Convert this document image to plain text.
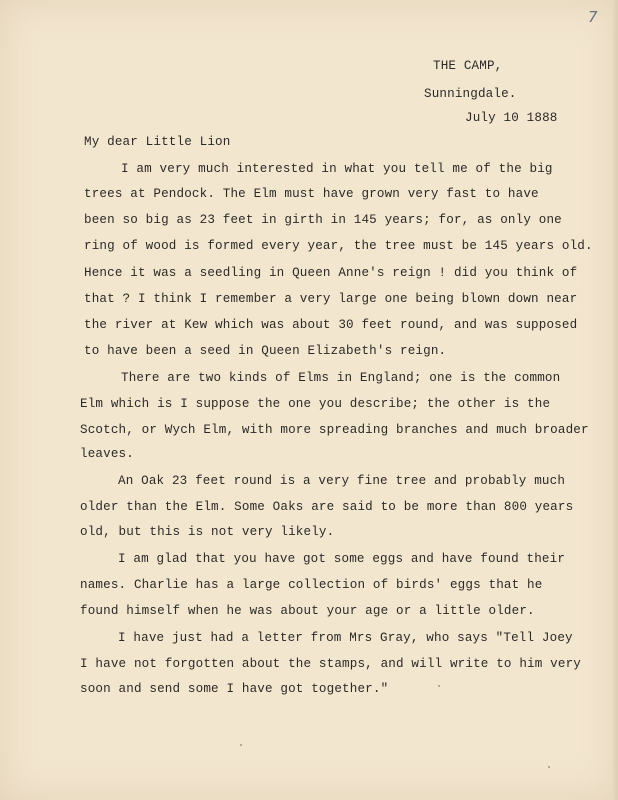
7
THE CAMP,
Sunningdale.
July 10 1888
My dear Little Lion
I am very much interested in what you tell me of the big
trees at Pendock. The Elm must have grown very fast to have
been so big as 23 feet in girth in 145 years; for, as only one
ring of wood is formed every year, the tree must be 145 years old.
Hence it was a seedling in Queen Anne's reign ! did you think of
that ? I think I remember a very large one being blown down near
the river at Kew which was about 30 feet round, and was supposed
to have been a seed in Queen Elizabeth's reign.
There are two kinds of Elms in England; one is the common
Elm which is I suppose the one you describe; the other is the
Scotch, or Wych Elm, with more spreading branches and much broader
leaves.
An Oak 23 feet round is a very fine tree and probably much
older than the Elm. Some Oaks are said to be more than 800 years
old, but this is not very likely.
I am glad that you have got some eggs and have found their
names. Charlie has a large collection of birds' eggs that he
found himself when he was about your age or a little older.
I have just had a letter from Mrs Gray, who says "Tell Joey
I have not forgotten about the stamps, and will write to him very
soon and send some I have got together."
